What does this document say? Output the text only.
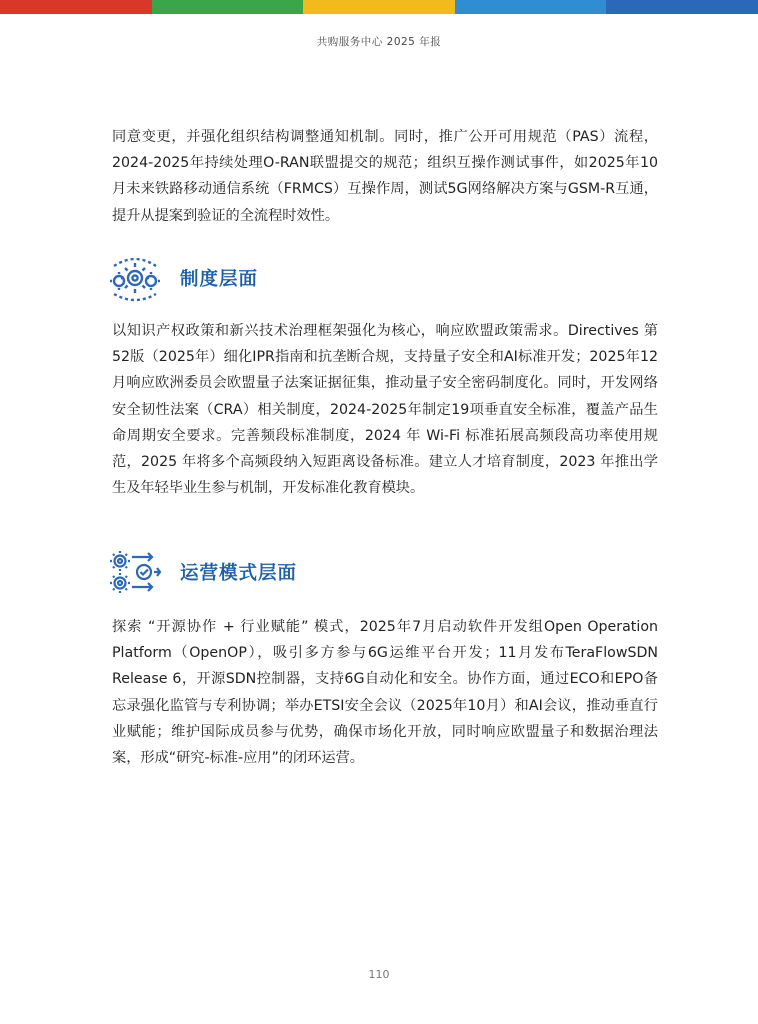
共购服务中心 2025 年报

同意变更，并强化组织结构调整通知机制。同时，推广公开可用规范（PAS）流程，2024-2025年持续处理O-RAN联盟提交的规范；组织互操作测试事件，如2025年10月未来铁路移动通信系统（FRMCS）互操作周，测试5G网络解决方案与GSM-R互通，提升从提案到验证的全流程时效性。

制度层面

以知识产权政策和新兴技术治理框架强化为核心，响应欧盟政策需求。Directives 第52版（2025年）细化IPR指南和抗垄断合规，支持量子安全和AI标准开发；2025年12月响应欧洲委员会欧盟量子法案证据征集，推动量子安全密码制度化。同时，开发网络安全韧性法案（CRA）相关制度，2024-2025年制定19项垂直安全标准，覆盖产品生命周期安全要求。完善频段标准制度，2024 年 Wi-Fi 标准拓展高频段高功率使用规范，2025 年将多个高频段纳入短距离设备标准。建立人才培育制度，2023 年推出学生及年轻毕业生参与机制，开发标准化教育模块。

运营模式层面

探索 “开源协作 + 行业赋能” 模式，2025年7月启动软件开发组Open Operation Platform（OpenOP），吸引多方参与6G运维平台开发；11月发布TeraFlowSDN Release 6，开源SDN控制器，支持6G自动化和安全。协作方面，通过ECO和EPO备忘录强化监管与专利协调；举办ETSI安全会议（2025年10月）和AI会议，推动垂直行业赋能；维护国际成员参与优势，确保市场化开放，同时响应欧盟量子和数据治理法案，形成“研究-标准-应用”的闭环运营。

110
